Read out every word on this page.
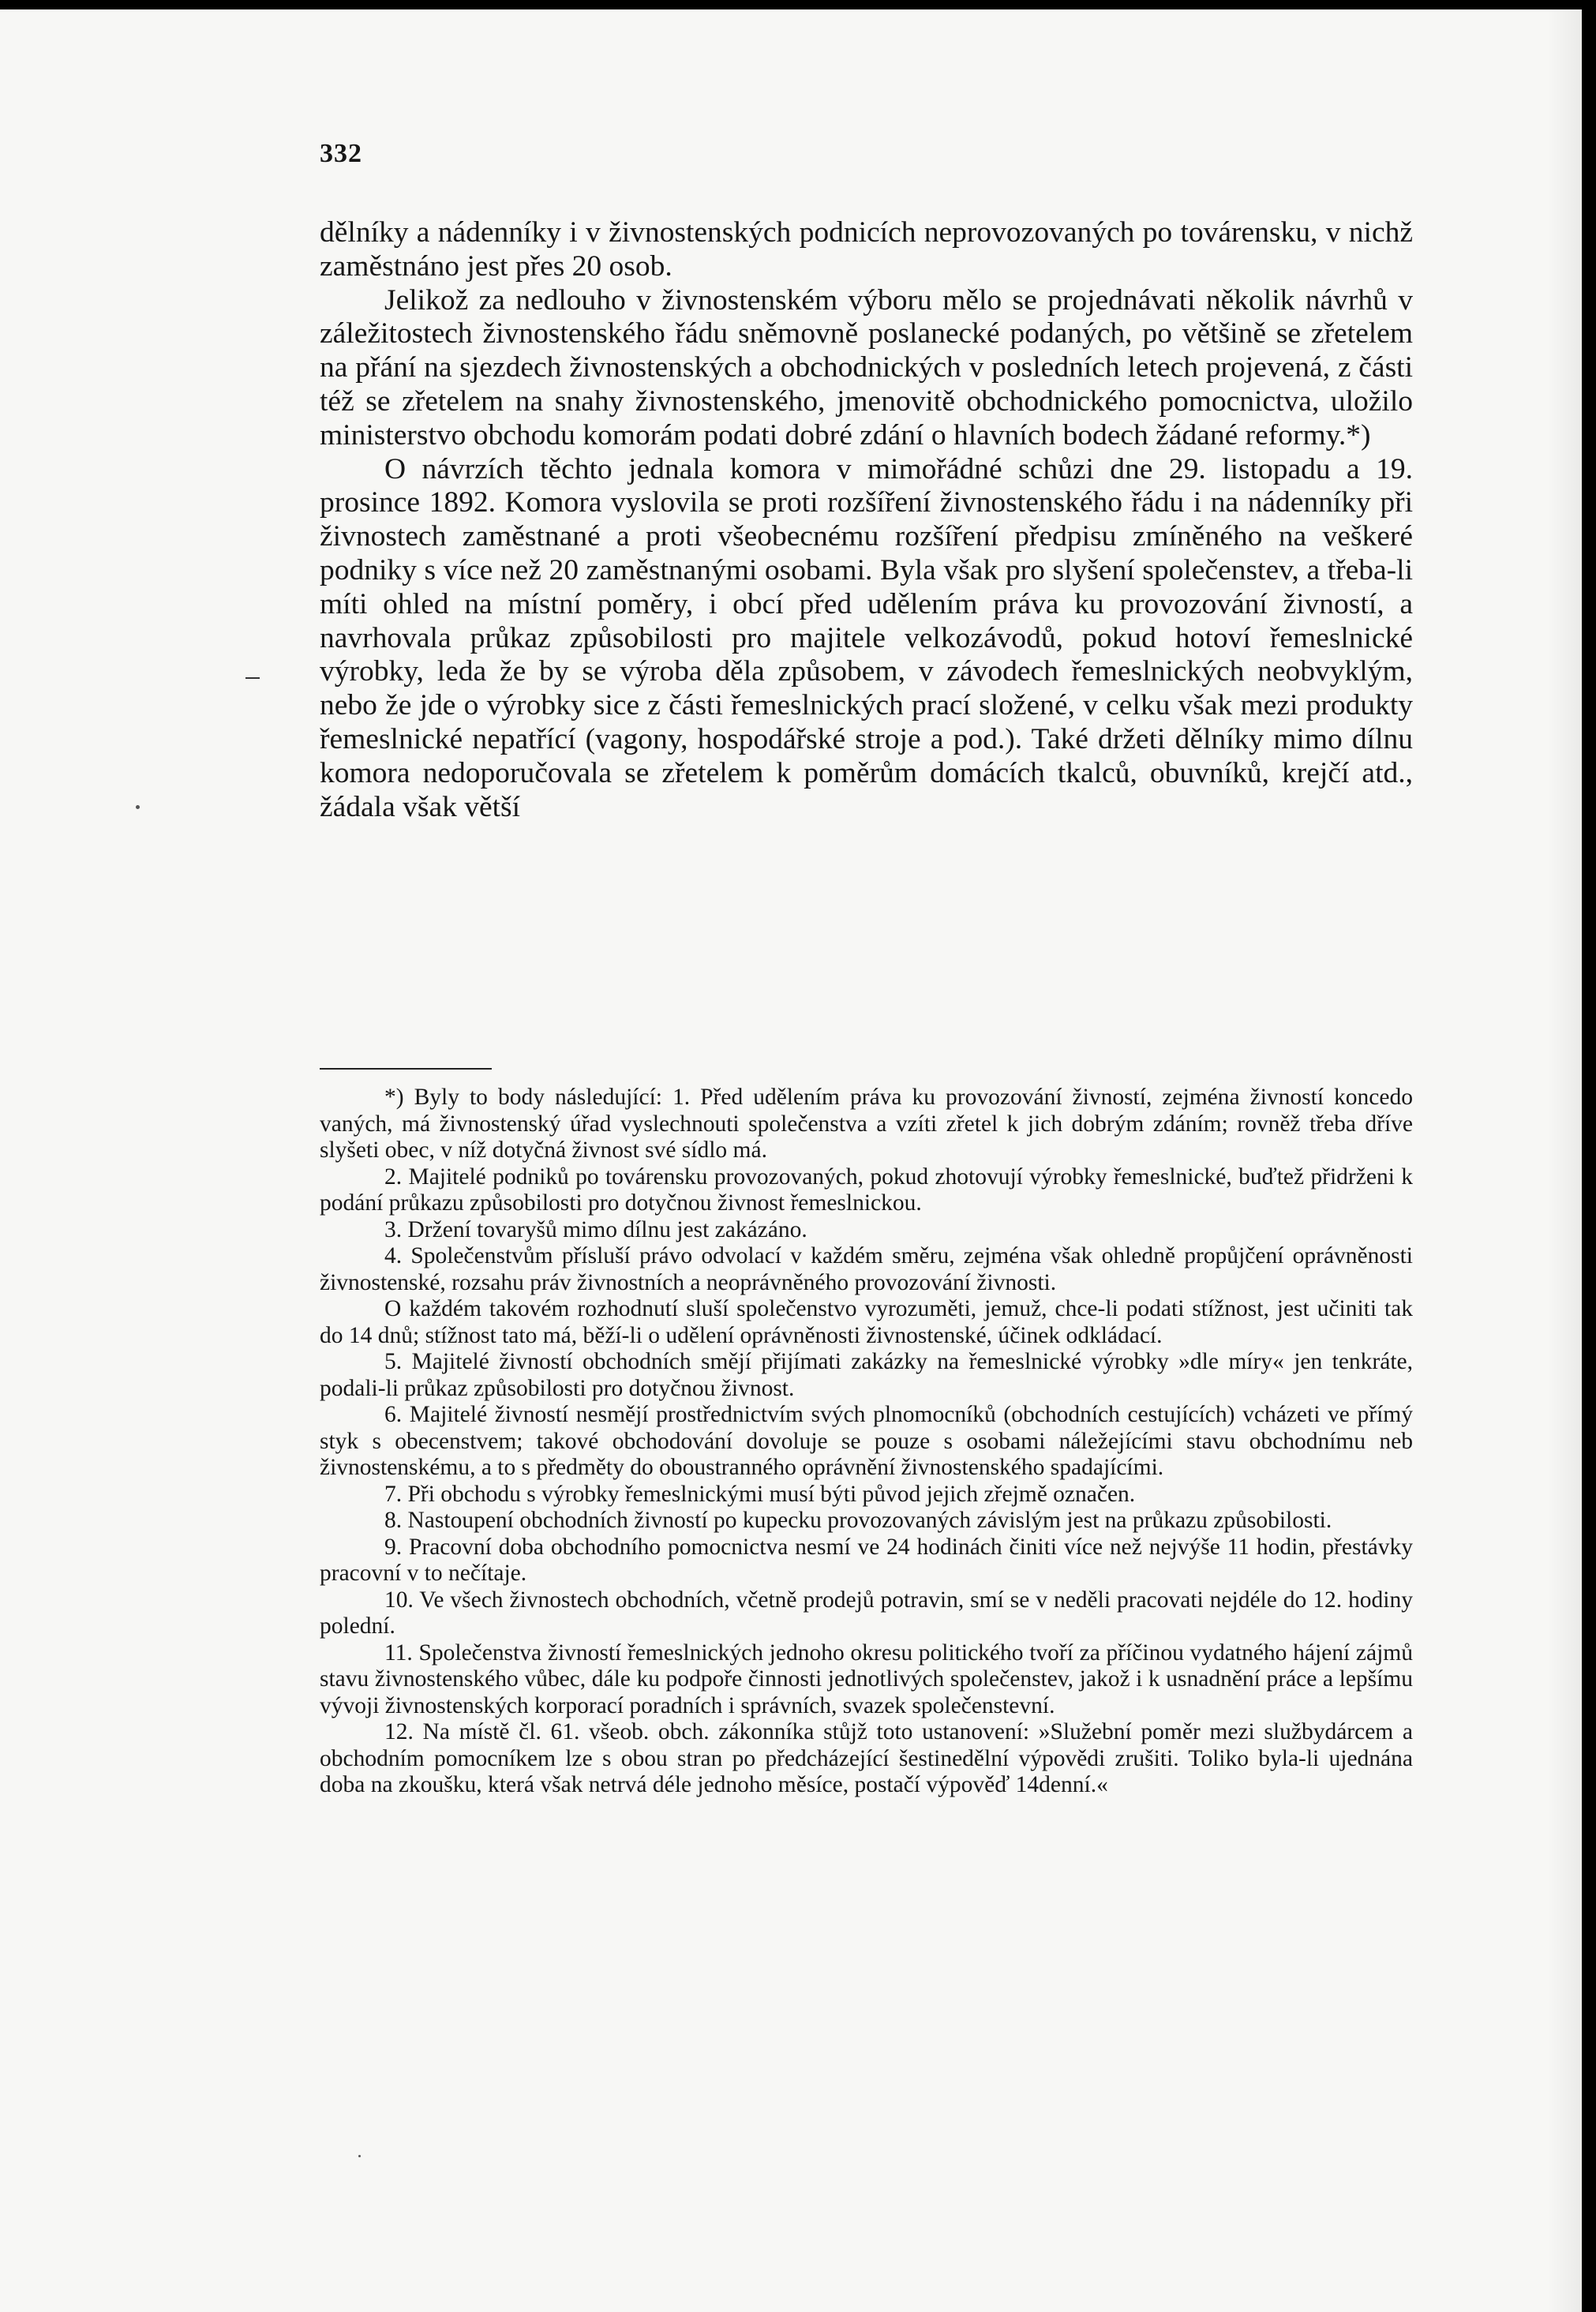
332

dělníky a nádenníky i v živnostenských podnicích neprovozovaných po továrensku, v nichž zaměstnáno jest přes 20 osob.

Jelikož za nedlouho v živnostenském výboru mělo se projednávati několik návrhů v záležitostech živnostenského řádu sněmovně poslanecké podaných, po většině se zřetelem na přání na sjezdech živnostenských a obchodnických v posledních letech projevená, z části též se zřetelem na snahy živnostenského, jmenovitě obchodnického pomocnictva, uložilo ministerstvo obchodu komorám podati dobré zdání o hlavních bodech žádané reformy.*)

O návrzích těchto jednala komora v mimořádné schůzi dne 29. listopadu a 19. prosince 1892. Komora vyslovila se proti rozšíření živnostenského řádu i na nádenníky při živnostech zaměstnané a proti všeobecnému rozšíření předpisu zmíněného na veškeré podniky s více než 20 zaměstnanými osobami. Byla však pro slyšení společenstev, a třeba-li míti ohled na místní poměry, i obcí před udělením práva ku provozování živností, a navrhovala průkaz způsobilosti pro majitele velkozávodů, pokud hotoví řemeslnické výrobky, leda že by se výroba děla způsobem, v závodech řemeslnických neobvyklým, nebo že jde o výrobky sice z části řemeslnických prací složené, v celku však mezi produkty řemeslnické nepatřící (vagony, hospodářské stroje a pod.). Také držeti dělníky mimo dílnu komora nedoporučovala se zřetelem k poměrům domácích tkalců, obuvníků, krejčí atd., žádala však větší

*) Byly to body následující: 1. Před udělením práva ku provozování živností, zejména živností koncedo vaných, má živnostenský úřad vyslechnouti společenstva a vzíti zřetel k jich dobrým zdáním; rovněž třeba dříve slyšeti obec, v níž dotyčná živnost své sídlo má.

2. Majitelé podniků po továrensku provozovaných, pokud zhotovují výrobky řemeslnické, buďtež přidrženi k podání průkazu způsobilosti pro dotyčnou živnost řemeslnickou.

3. Držení tovaryšů mimo dílnu jest zakázáno.

4. Společenstvům přísluší právo odvolací v každém směru, zejména však ohledně propůjčení oprávněnosti živnostenské, rozsahu práv živnostních a neoprávněného provozování živnosti.

O každém takovém rozhodnutí sluší společenstvo vyrozuměti, jemuž, chce-li podati stížnost, jest učiniti tak do 14 dnů; stížnost tato má, běží-li o udělení oprávněnosti živnostenské, účinek odkládací.

5. Majitelé živností obchodních smějí přijímati zakázky na řemeslnické výrobky »dle míry« jen tenkráte, podali-li průkaz způsobilosti pro dotyčnou živnost.

6. Majitelé živností nesmějí prostřednictvím svých plnomocníků (obchodních cestujících) vcházeti ve přímý styk s obecenstvem; takové obchodování dovoluje se pouze s osobami náležejícími stavu obchodnímu neb živnostenskému, a to s předměty do oboustranného oprávnění živnostenského spadajícími.

7. Při obchodu s výrobky řemeslnickými musí býti původ jejich zřejmě označen.

8. Nastoupení obchodních živností po kupecku provozovaných závislým jest na průkazu způsobilosti.

9. Pracovní doba obchodního pomocnictva nesmí ve 24 hodinách činiti více než nejvýše 11 hodin, přestávky pracovní v to nečítaje.

10. Ve všech živnostech obchodních, včetně prodejů potravin, smí se v neděli pracovati nejdéle do 12. hodiny polední.

11. Společenstva živností řemeslnických jednoho okresu politického tvoří za příčinou vydatného hájení zájmů stavu živnostenského vůbec, dále ku podpoře činnosti jednotlivých společenstev, jakož i k usnadnění práce a lepšímu vývoji živnostenských korporací poradních i správních, svazek společenstevní.

12. Na místě čl. 61. všeob. obch. zákonníka stůjž toto ustanovení: »Služební poměr mezi službydárcem a obchodním pomocníkem lze s obou stran po předcházející šestinedělní výpovědi zrušiti. Toliko byla-li ujednána doba na zkoušku, která však netrvá déle jednoho měsíce, postačí výpověď 14denní.«
